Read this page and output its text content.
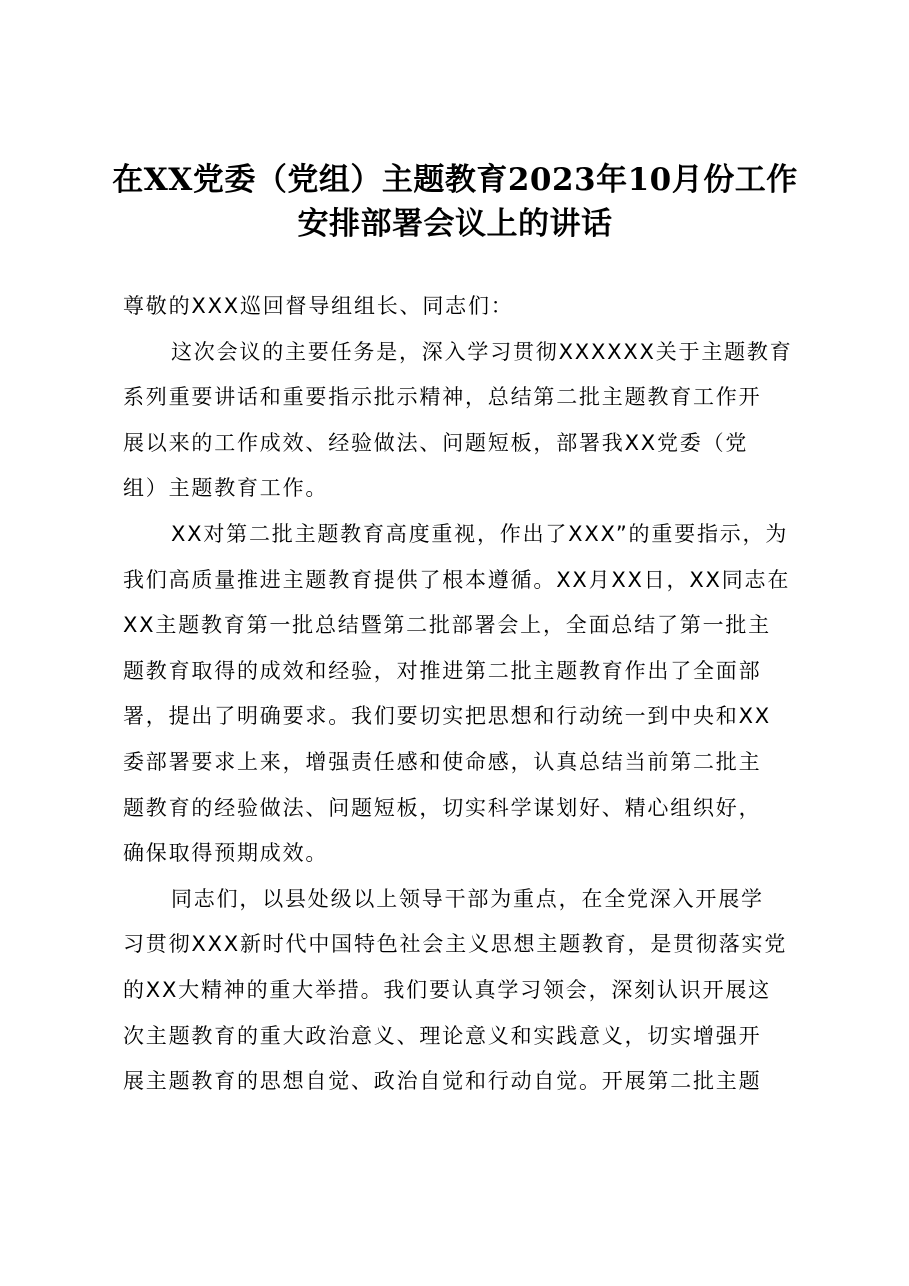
在XX党委（党组）主题教育2023年10月份工作
安排部署会议上的讲话
尊敬的XXX巡回督导组组长、同志们：
这次会议的主要任务是，深入学习贯彻XXXXXX关于主题教育
系列重要讲话和重要指示批示精神，总结第二批主题教育工作开
展以来的工作成效、经验做法、问题短板，部署我XX党委（党
组）主题教育工作。
XX对第二批主题教育高度重视，作出了XXX”的重要指示，为
我们高质量推进主题教育提供了根本遵循。XX月XX日，XX同志在
XX主题教育第一批总结暨第二批部署会上，全面总结了第一批主
题教育取得的成效和经验，对推进第二批主题教育作出了全面部
署，提出了明确要求。我们要切实把思想和行动统一到中央和XX
委部署要求上来，增强责任感和使命感，认真总结当前第二批主
题教育的经验做法、问题短板，切实科学谋划好、精心组织好，
确保取得预期成效。
同志们，以县处级以上领导干部为重点，在全党深入开展学
习贯彻XXX新时代中国特色社会主义思想主题教育，是贯彻落实党
的XX大精神的重大举措。我们要认真学习领会，深刻认识开展这
次主题教育的重大政治意义、理论意义和实践意义，切实增强开
展主题教育的思想自觉、政治自觉和行动自觉。开展第二批主题
